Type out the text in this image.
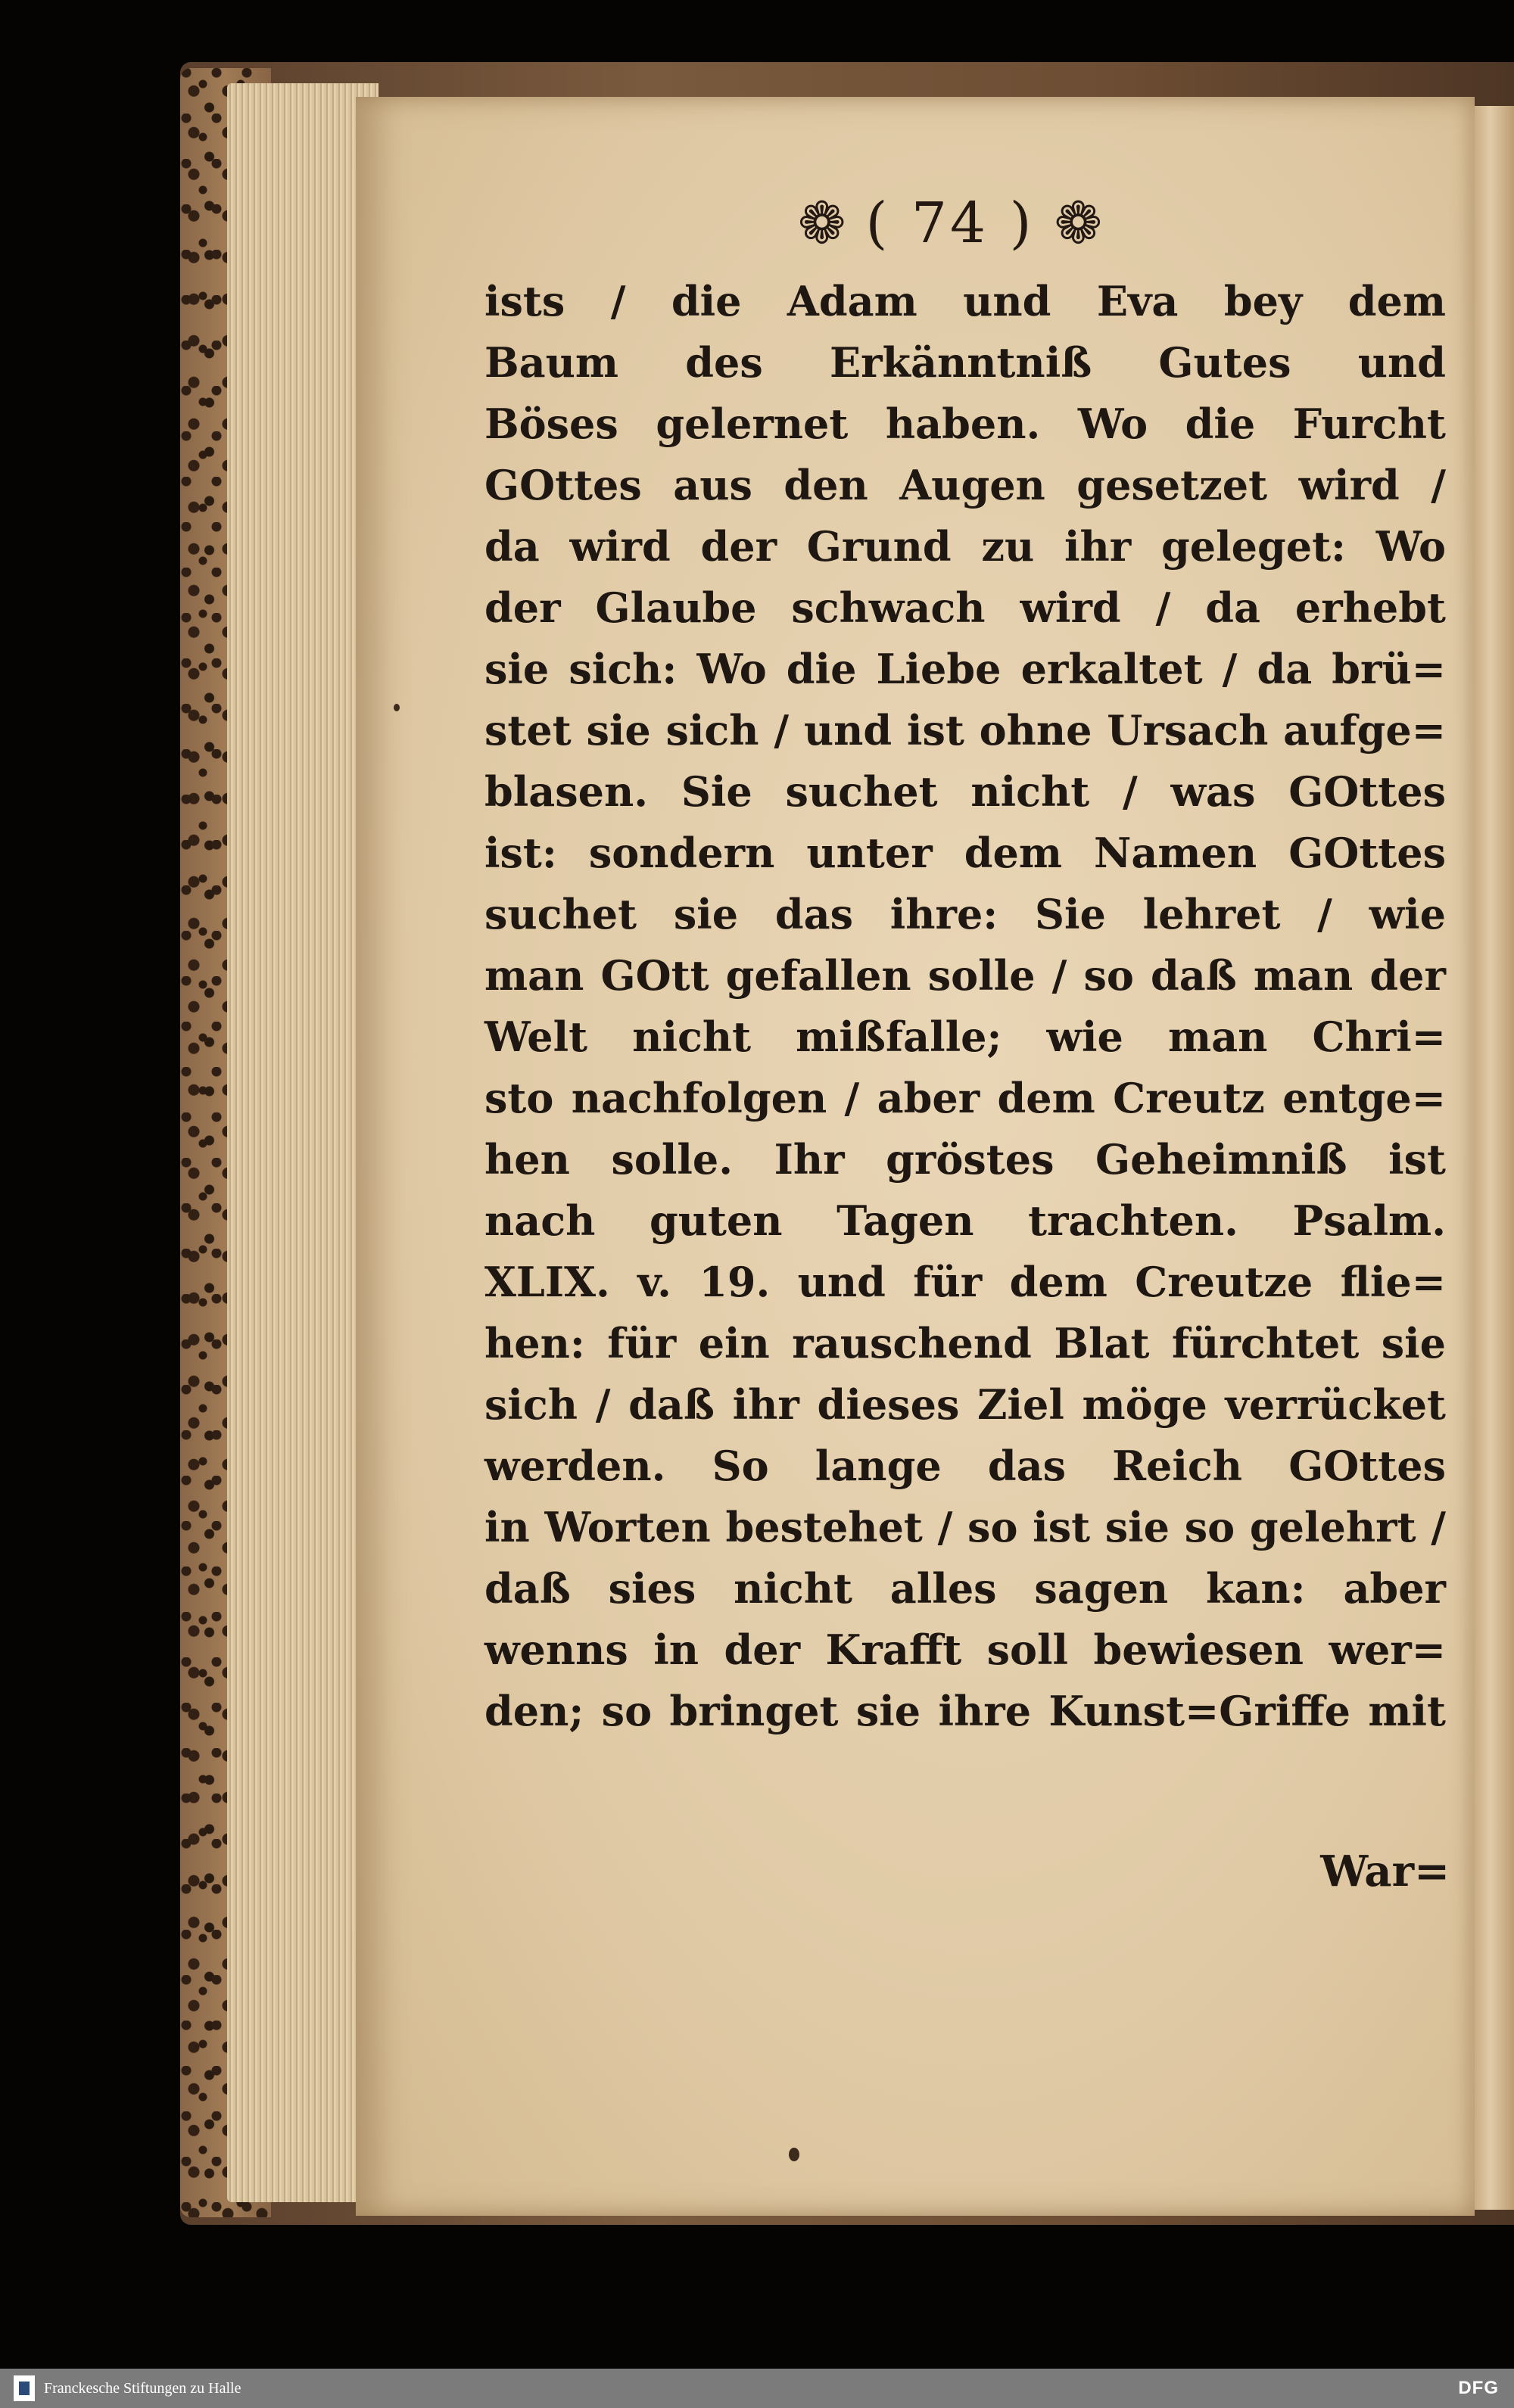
❁ ( 74 ) ❁
ists / die Adam und Eva bey dem
Baum des Erkänntniß Gutes und
Böses gelernet haben. Wo die Furcht
GOttes aus den Augen gesetzet wird /
da wird der Grund zu ihr geleget: Wo
der Glaube schwach wird / da erhebt
sie sich: Wo die Liebe erkaltet / da brü=
stet sie sich / und ist ohne Ursach aufge=
blasen. Sie suchet nicht / was GOttes
ist: sondern unter dem Namen GOttes
suchet sie das ihre: Sie lehret / wie
man GOtt gefallen solle / so daß man der
Welt nicht mißfalle; wie man Chri=
sto nachfolgen / aber dem Creutz entge=
hen solle. Ihr gröstes Geheimniß ist
nach guten Tagen trachten. Psalm.
XLIX. v. 19. und für dem Creutze flie=
hen: für ein rauschend Blat fürchtet sie
sich / daß ihr dieses Ziel möge verrücket
werden. So lange das Reich GOttes
in Worten bestehet / so ist sie so gelehrt /
daß sies nicht alles sagen kan: aber
wenns in der Krafft soll bewiesen wer=
den; so bringet sie ihre Kunst=Griffe mit
War=
Franckesche Stiftungen zu Halle	DFG
